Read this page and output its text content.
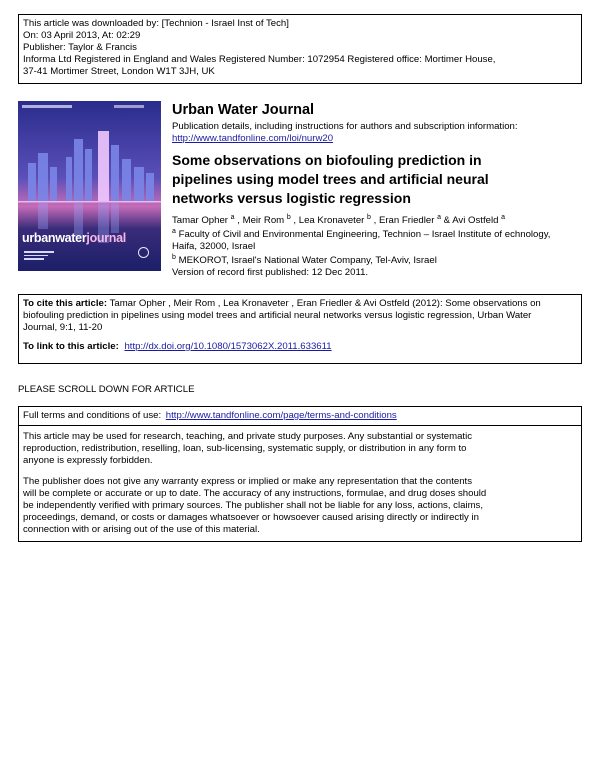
This article was downloaded by: [Technion - Israel Inst of Tech]

On: 03 April 2013, At: 02:29

Publisher: Taylor & Francis

Informa Ltd Registered in England and Wales Registered Number: 1072954 Registered office: Mortimer House,

37-41 Mortimer Street, London W1T 3JH, UK

urbanwaterjournal
Urban Water Journal
Publication details, including instructions for authors and subscription information:
http://www.tandfonline.com/loi/nurw20

Some observations on biofouling prediction in

pipelines using model trees and artificial neural

networks versus logistic regression

Tamar Opher $^a$ , Meir Rom $^b$ , Lea Kronaveter $^b$ , Eran Friedler $^a$ & Avi Ostfeld $^a$

$^a$ Faculty of Civil and Environmental Engineering, Technion – Israel Institute of echnology,

Haifa, 32000, Israel

$^b$ MEKOROT, Israel's National Water Company, Tel-Aviv, Israel

Version of record first published: 12 Dec 2011.

To cite this article: Tamar Opher , Meir Rom , Lea Kronaveter , Eran Friedler & Avi Ostfeld (2012): Some observations on

biofouling prediction in pipelines using model trees and artificial neural networks versus logistic regression, Urban Water

Journal, 9:1, 11-20

To link to this article: http://dx.doi.org/10.1080/1573062X.2011.633611

PLEASE SCROLL DOWN FOR ARTICLE

Full terms and conditions of use: http://www.tandfonline.com/page/terms-and-conditions

This article may be used for research, teaching, and private study purposes. Any substantial or systematic

reproduction, redistribution, reselling, loan, sub-licensing, systematic supply, or distribution in any form to

anyone is expressly forbidden.

The publisher does not give any warranty express or implied or make any representation that the contents

will be complete or accurate or up to date. The accuracy of any instructions, formulae, and drug doses should

be independently verified with primary sources. The publisher shall not be liable for any loss, actions, claims,

proceedings, demand, or costs or damages whatsoever or howsoever caused arising directly or indirectly in

connection with or arising out of the use of this material.
